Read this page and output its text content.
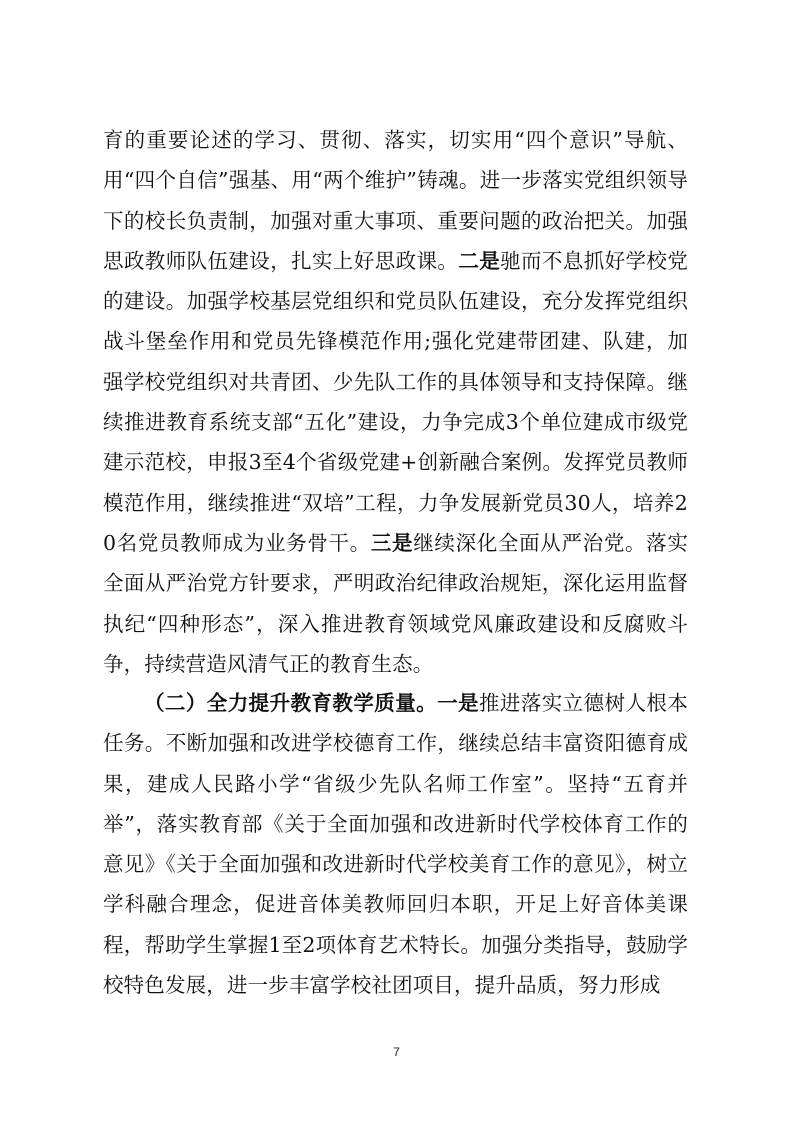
育的重要论述的学习、贯彻、落实，切实用“四个意识”导航、用“四个自信”强基、用“两个维护”铸魂。进一步落实党组织领导下的校长负责制，加强对重大事项、重要问题的政治把关。加强思政教师队伍建设，扎实上好思政课。二是驰而不息抓好学校党的建设。加强学校基层党组织和党员队伍建设，充分发挥党组织战斗堡垒作用和党员先锋模范作用;强化党建带团建、队建，加强学校党组织对共青团、少先队工作的具体领导和支持保障。继续推进教育系统支部“五化”建设，力争完成3个单位建成市级党建示范校，申报3至4个省级党建+创新融合案例。发挥党员教师模范作用，继续推进“双培”工程，力争发展新党员30人，培养20名党员教师成为业务骨干。三是继续深化全面从严治党。落实全面从严治党方针要求，严明政治纪律政治规矩，深化运用监督执纪“四种形态”，深入推进教育领域党风廉政建设和反腐败斗争，持续营造风清气正的教育生态。

（二）全力提升教育教学质量。一是推进落实立德树人根本任务。不断加强和改进学校德育工作，继续总结丰富资阳德育成果，建成人民路小学“省级少先队名师工作室”。坚持“五育并举”，落实教育部《关于全面加强和改进新时代学校体育工作的意见》《关于全面加强和改进新时代学校美育工作的意见》，树立学科融合理念，促进音体美教师回归本职，开足上好音体美课程，帮助学生掌握1至2项体育艺术特长。加强分类指导，鼓励学校特色发展，进一步丰富学校社团项目，提升品质，努力形成

7
